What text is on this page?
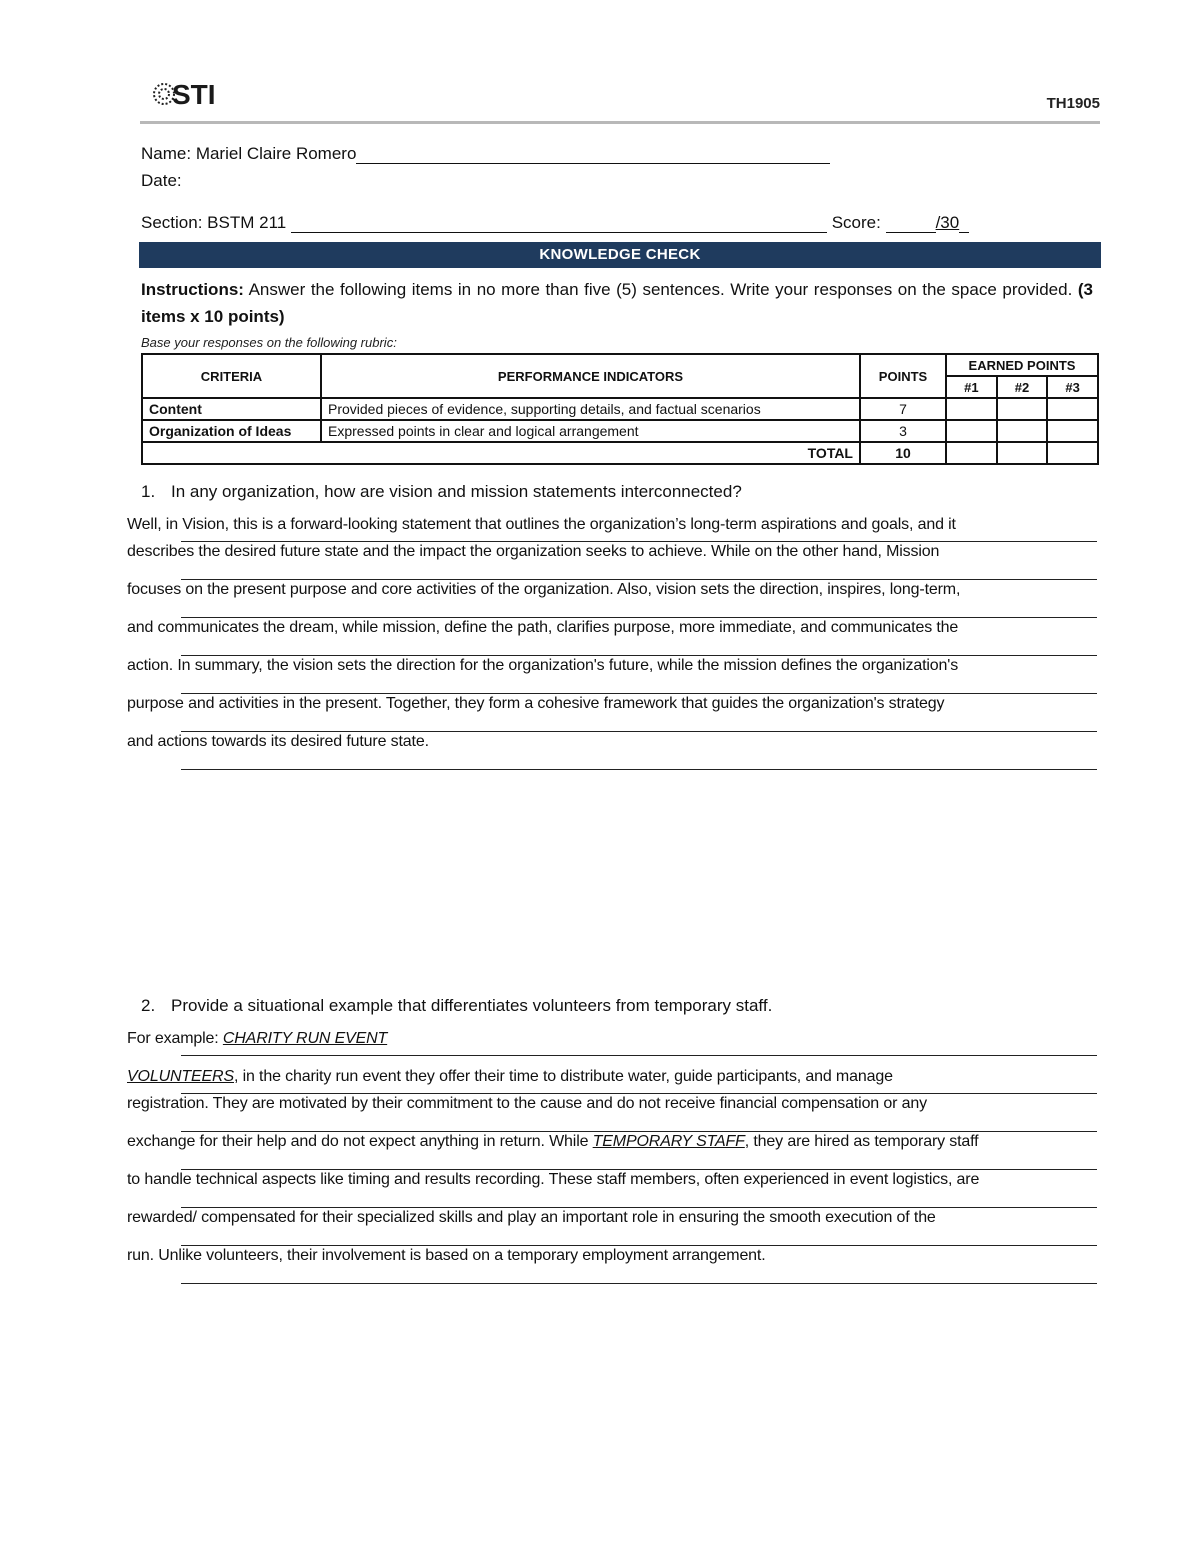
STI	TH1905
Name: Mariel Claire Romero
Date:
Section: BSTM 211	Score:	/30
KNOWLEDGE CHECK
Instructions: Answer the following items in no more than five (5) sentences. Write your responses on the space provided. (3 items x 10 points)
Base your responses on the following rubric:
CRITERIA	PERFORMANCE INDICATORS	POINTS	EARNED POINTS		
			#1	#2	#3
Content	Provided pieces of evidence, supporting details, and factual scenarios	7			
Organization of Ideas	Expressed points in clear and logical arrangement	3			
TOTAL		10			
1. In any organization, how are vision and mission statements interconnected?
Well, in Vision, this is a forward-looking statement that outlines the organization’s long-term aspirations and goals, and it
describes the desired future state and the impact the organization seeks to achieve. While on the other hand, Mission
focuses on the present purpose and core activities of the organization. Also, vision sets the direction, inspires, long-term,
and communicates the dream, while mission, define the path, clarifies purpose, more immediate, and communicates the
action. In summary, the vision sets the direction for the organization's future, while the mission defines the organization's
purpose and activities in the present. Together, they form a cohesive framework that guides the organization's strategy
and actions towards its desired future state.
2. Provide a situational example that differentiates volunteers from temporary staff.
For example: CHARITY RUN EVENT
VOLUNTEERS, in the charity run event they offer their time to distribute water, guide participants, and manage
registration. They are motivated by their commitment to the cause and do not receive financial compensation or any
exchange for their help and do not expect anything in return. While TEMPORARY STAFF, they are hired as temporary staff
to handle technical aspects like timing and results recording. These staff members, often experienced in event logistics, are
rewarded/ compensated for their specialized skills and play an important role in ensuring the smooth execution of the
run. Unlike volunteers, their involvement is based on a temporary employment arrangement.
